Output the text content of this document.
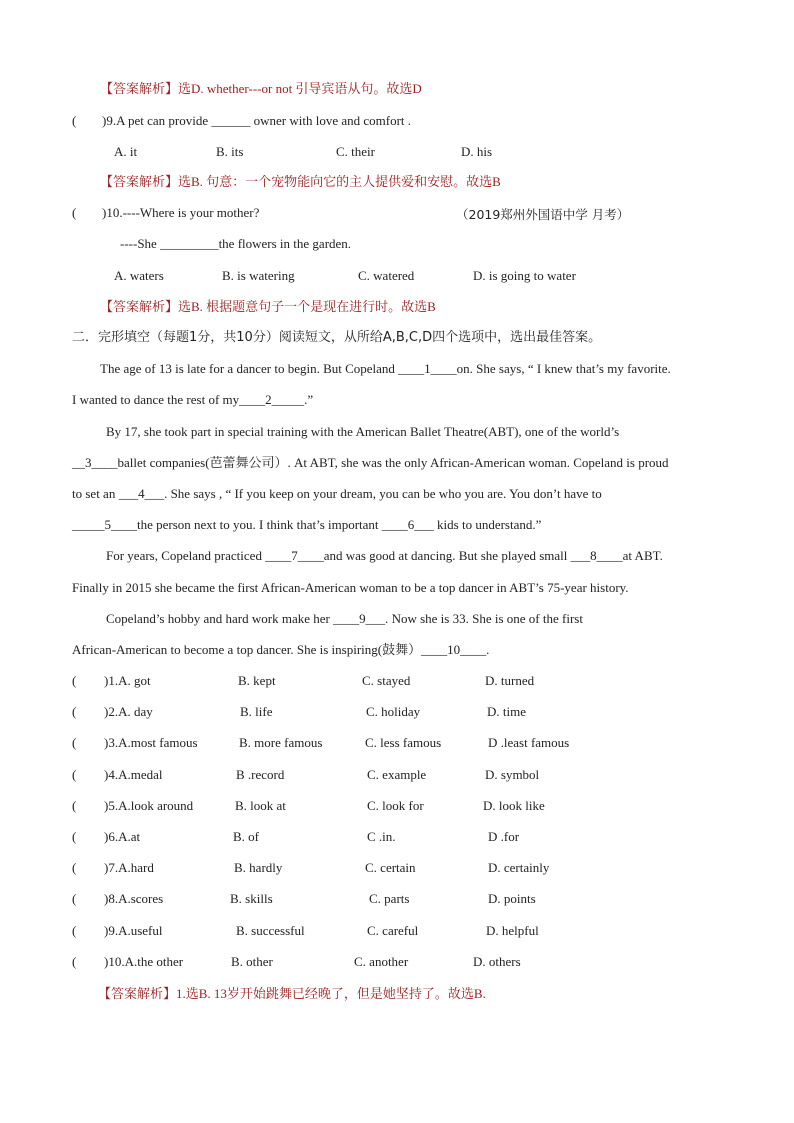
【答案解析】选D. whether---or not 引导宾语从句。故选D
( )9.A pet can provide ______ owner with love and comfort .
A. it	B. its	C. their	D. his
【答案解析】选B. 句意：一个宠物能向它的主人提供爱和安慰。故选B
( )10.----Where is your mother?	（2019郑州外国语中学 月考）
----She _________the flowers in the garden.
A. waters	B. is watering	C. watered	D. is going to water
【答案解析】选B. 根据题意句子一个是现在进行时。故选B
二．完形填空（每题1分，共10分）阅读短文，从所给A,B,C,D四个选项中，选出最佳答案。
The age of 13 is late for a dancer to begin. But Copeland ____1____on. She says, “ I knew that’s my favorite.
I wanted to dance the rest of my____2_____.”
By 17, she took part in special training with the American Ballet Theatre(ABT), one of the world’s
__3____ballet companies(芭蕾舞公司）. At ABT, she was the only African-American woman. Copeland is proud
to set an ___4___. She says , “ If you keep on your dream, you can be who you are. You don’t have to
_____5____the person next to you. I think that’s important ____6___ kids to understand.”
For years, Copeland practiced ____7____and was good at dancing. But she played small ___8____at ABT.
Finally in 2015 she became the first African-American woman to be a top dancer in ABT’s 75-year history.
Copeland’s hobby and hard work make her ____9___. Now she is 33. She is one of the first
African-American to become a top dancer. She is inspiring(鼓舞）____10____.
( )1.A. got	B. kept	C. stayed	D. turned
( )2.A. day	B. life	C. holiday	D. time
( )3.A.most famous	B. more famous	C. less famous	D .least famous
( )4.A.medal	B .record	C. example	D. symbol
( )5.A.look around	B. look at	C. look for	D. look like
( )6.A.at	B. of	C .in.	D .for
( )7.A.hard	B. hardly	C. certain	D. certainly
( )8.A.scores	B. skills	C. parts	D. points
( )9.A.useful	B. successful	C. careful	D. helpful
( )10.A.the other	B. other	C. another	D. others
【答案解析】1.选B. 13岁开始跳舞已经晚了，但是她坚持了。故选B.
